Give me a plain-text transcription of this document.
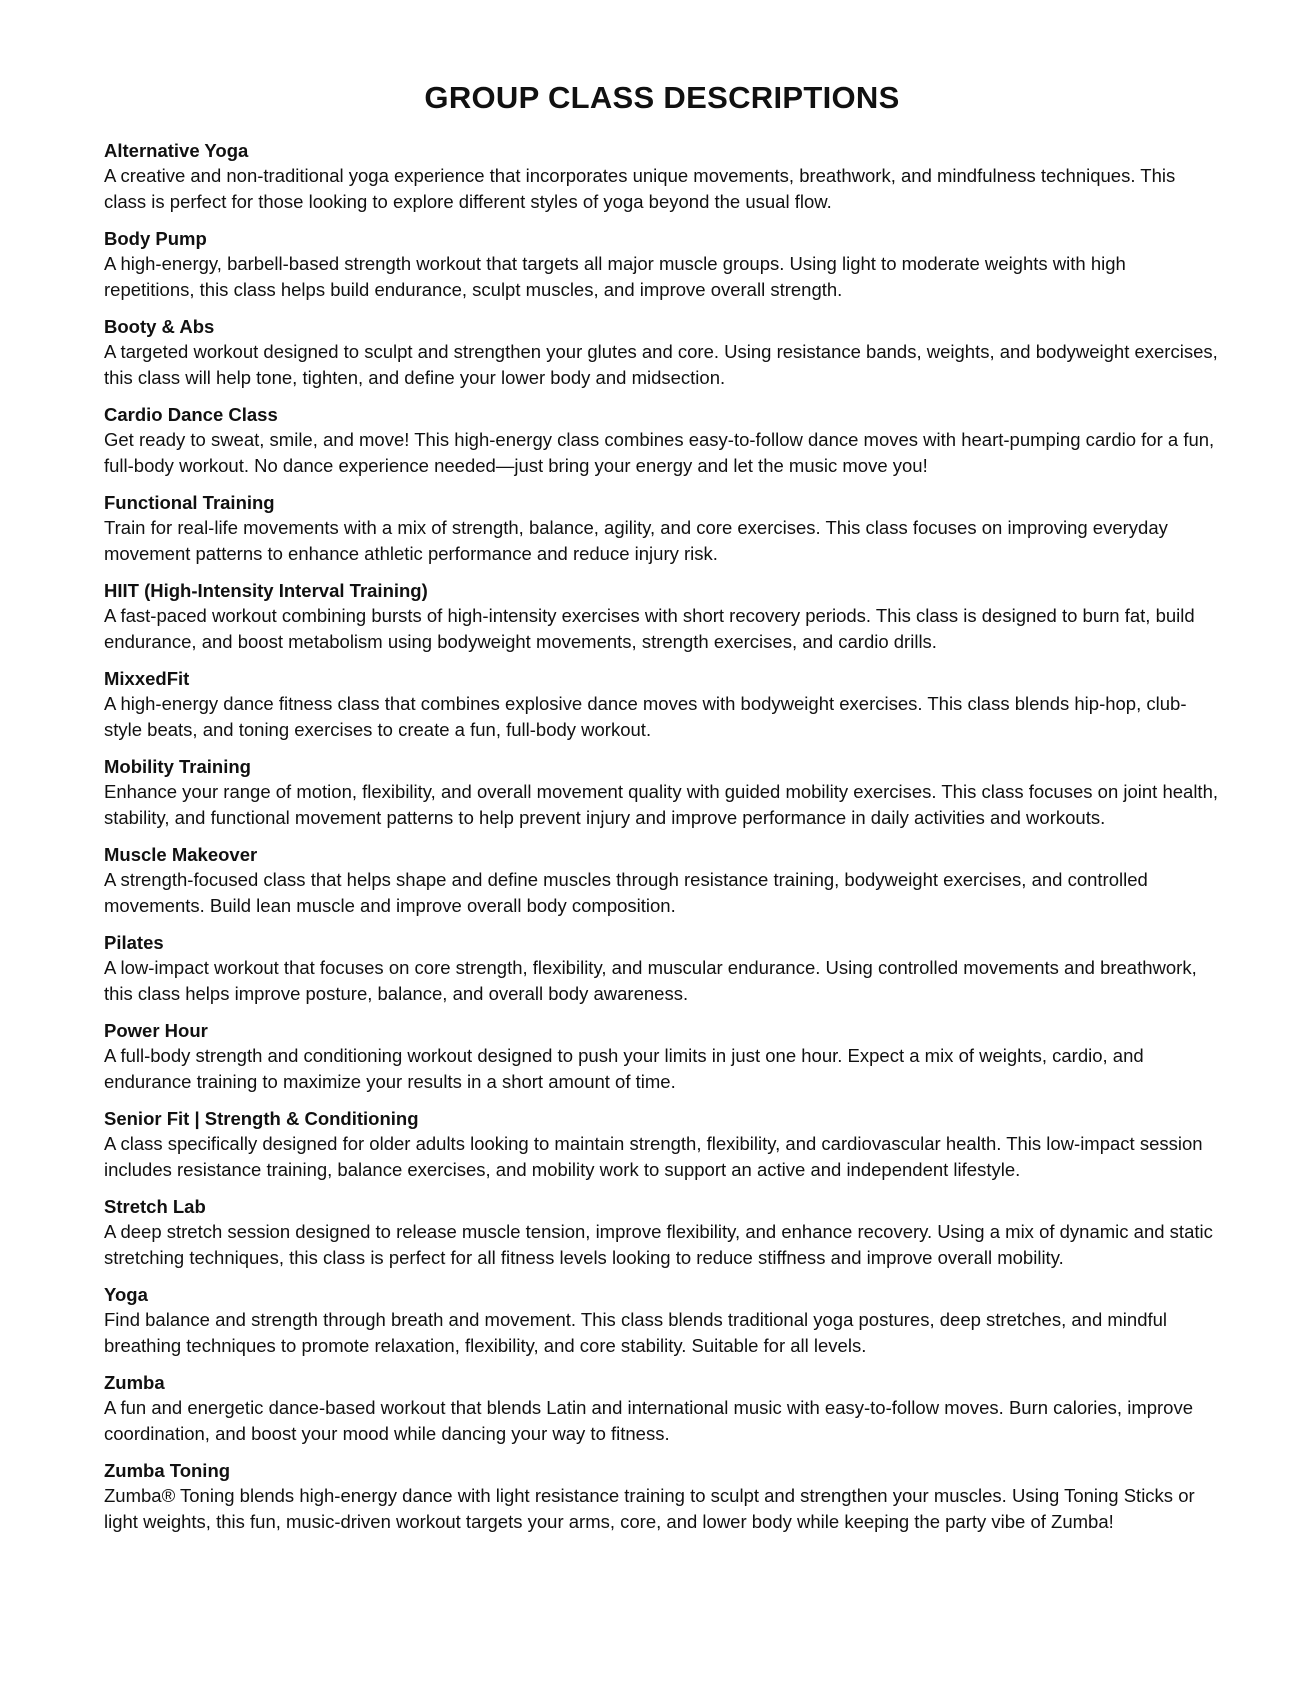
GROUP CLASS DESCRIPTIONS

Alternative Yoga

A creative and non-traditional yoga experience that incorporates unique movements, breathwork, and mindfulness techniques. This class is perfect for those looking to explore different styles of yoga beyond the usual flow.

Body Pump

A high-energy, barbell-based strength workout that targets all major muscle groups. Using light to moderate weights with high repetitions, this class helps build endurance, sculpt muscles, and improve overall strength.

Booty & Abs

A targeted workout designed to sculpt and strengthen your glutes and core. Using resistance bands, weights, and bodyweight exercises, this class will help tone, tighten, and define your lower body and midsection.

Cardio Dance Class

Get ready to sweat, smile, and move! This high-energy class combines easy-to-follow dance moves with heart-pumping cardio for a fun, full-body workout. No dance experience needed—just bring your energy and let the music move you!

Functional Training

Train for real-life movements with a mix of strength, balance, agility, and core exercises. This class focuses on improving everyday movement patterns to enhance athletic performance and reduce injury risk.

HIIT (High-Intensity Interval Training)

A fast-paced workout combining bursts of high-intensity exercises with short recovery periods. This class is designed to burn fat, build endurance, and boost metabolism using bodyweight movements, strength exercises, and cardio drills.

MixxedFit

A high-energy dance fitness class that combines explosive dance moves with bodyweight exercises. This class blends hip-hop, club-style beats, and toning exercises to create a fun, full-body workout.

Mobility Training

Enhance your range of motion, flexibility, and overall movement quality with guided mobility exercises. This class focuses on joint health, stability, and functional movement patterns to help prevent injury and improve performance in daily activities and workouts.

Muscle Makeover

A strength-focused class that helps shape and define muscles through resistance training, bodyweight exercises, and controlled movements. Build lean muscle and improve overall body composition.

Pilates

A low-impact workout that focuses on core strength, flexibility, and muscular endurance. Using controlled movements and breathwork, this class helps improve posture, balance, and overall body awareness.

Power Hour

A full-body strength and conditioning workout designed to push your limits in just one hour. Expect a mix of weights, cardio, and endurance training to maximize your results in a short amount of time.

Senior Fit | Strength & Conditioning

A class specifically designed for older adults looking to maintain strength, flexibility, and cardiovascular health. This low-impact session includes resistance training, balance exercises, and mobility work to support an active and independent lifestyle.

Stretch Lab

A deep stretch session designed to release muscle tension, improve flexibility, and enhance recovery. Using a mix of dynamic and static stretching techniques, this class is perfect for all fitness levels looking to reduce stiffness and improve overall mobility.

Yoga

Find balance and strength through breath and movement. This class blends traditional yoga postures, deep stretches, and mindful breathing techniques to promote relaxation, flexibility, and core stability. Suitable for all levels.

Zumba

A fun and energetic dance-based workout that blends Latin and international music with easy-to-follow moves. Burn calories, improve coordination, and boost your mood while dancing your way to fitness.

Zumba Toning

Zumba® Toning blends high-energy dance with light resistance training to sculpt and strengthen your muscles. Using Toning Sticks or light weights, this fun, music-driven workout targets your arms, core, and lower body while keeping the party vibe of Zumba!
